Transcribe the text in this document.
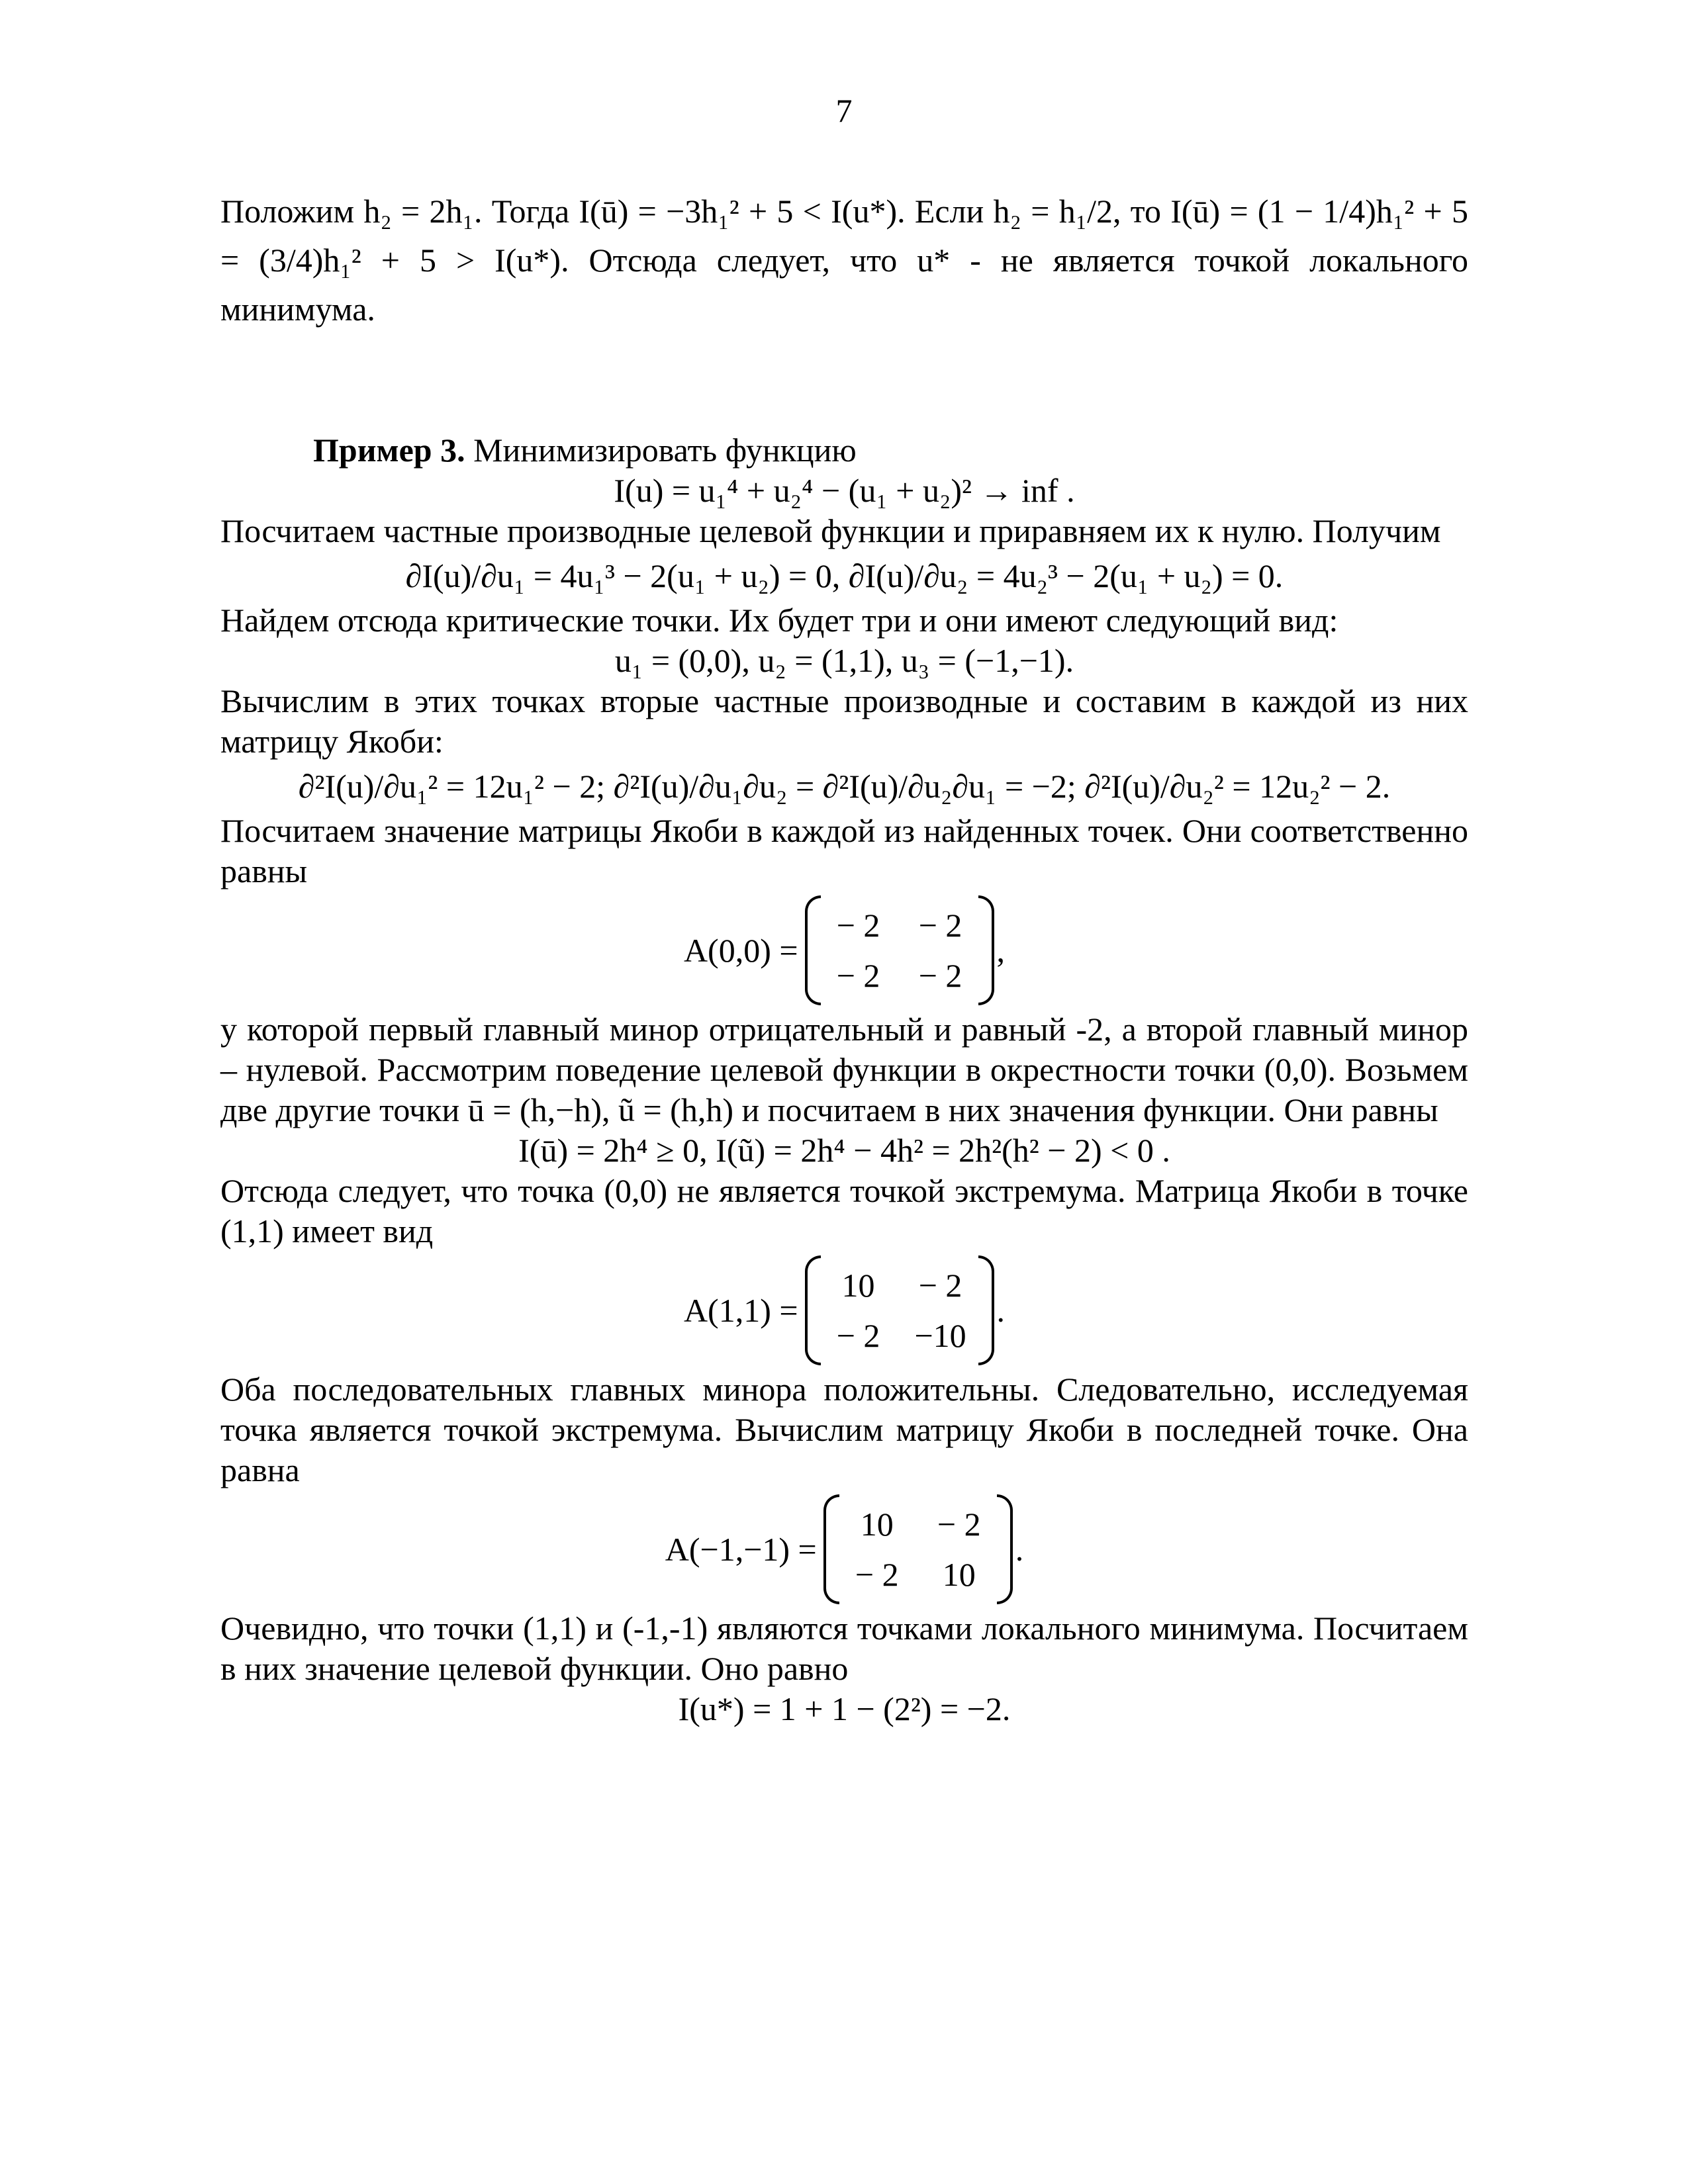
7

Положим h₂ = 2h₁. Тогда I(ū) = −3h₁² + 5 < I(u*). Если h₂ = h₁/2, то I(ū) = (1 − 1/4)h₁² + 5 = (3/4)h₁² + 5 > I(u*). Отсюда следует, что u* - не является точкой локального минимума.

Пример 3. Минимизировать функцию

I(u) = u₁⁴ + u₂⁴ − (u₁ + u₂)² → inf .

Посчитаем частные производные целевой функции и приравняем их к нулю. Получим

∂I(u)/∂u₁ = 4u₁³ − 2(u₁ + u₂) = 0, ∂I(u)/∂u₂ = 4u₂³ − 2(u₁ + u₂) = 0.

Найдем отсюда критические точки. Их будет три и они имеют следующий вид:

u₁ = (0,0), u₂ = (1,1), u₃ = (−1,−1).

Вычислим в этих точках вторые частные производные и составим в каждой из них матрицу Якоби:

∂²I(u)/∂u₁² = 12u₁² − 2; ∂²I(u)/∂u₁∂u₂ = ∂²I(u)/∂u₂∂u₁ = −2; ∂²I(u)/∂u₂² = 12u₂² − 2.

Посчитаем значение матрицы Якоби в каждой из найденных точек. Они соответственно равны

A(0,0) =
− 2	− 2
− 2	− 2
,

у которой первый главный минор отрицательный и равный -2, а второй главный минор – нулевой. Рассмотрим поведение целевой функции в окрестности точки (0,0). Возьмем две другие точки ū = (h,−h), ũ = (h,h) и посчитаем в них значения функции. Они равны

I(ū) = 2h⁴ ≥ 0, I(ũ) = 2h⁴ − 4h² = 2h²(h² − 2) < 0 .

Отсюда следует, что точка (0,0) не является точкой экстремума. Матрица Якоби в точке (1,1) имеет вид

A(1,1) =
10	− 2
− 2	−10
.

Оба последовательных главных минора положительны. Следовательно, исследуемая точка является точкой экстремума. Вычислим матрицу Якоби в последней точке. Она равна

A(−1,−1) =
10	− 2
− 2	10
.

Очевидно, что точки (1,1) и (-1,-1) являются точками локального минимума. Посчитаем в них значение целевой функции. Оно равно

I(u*) = 1 + 1 − (2²) = −2.
